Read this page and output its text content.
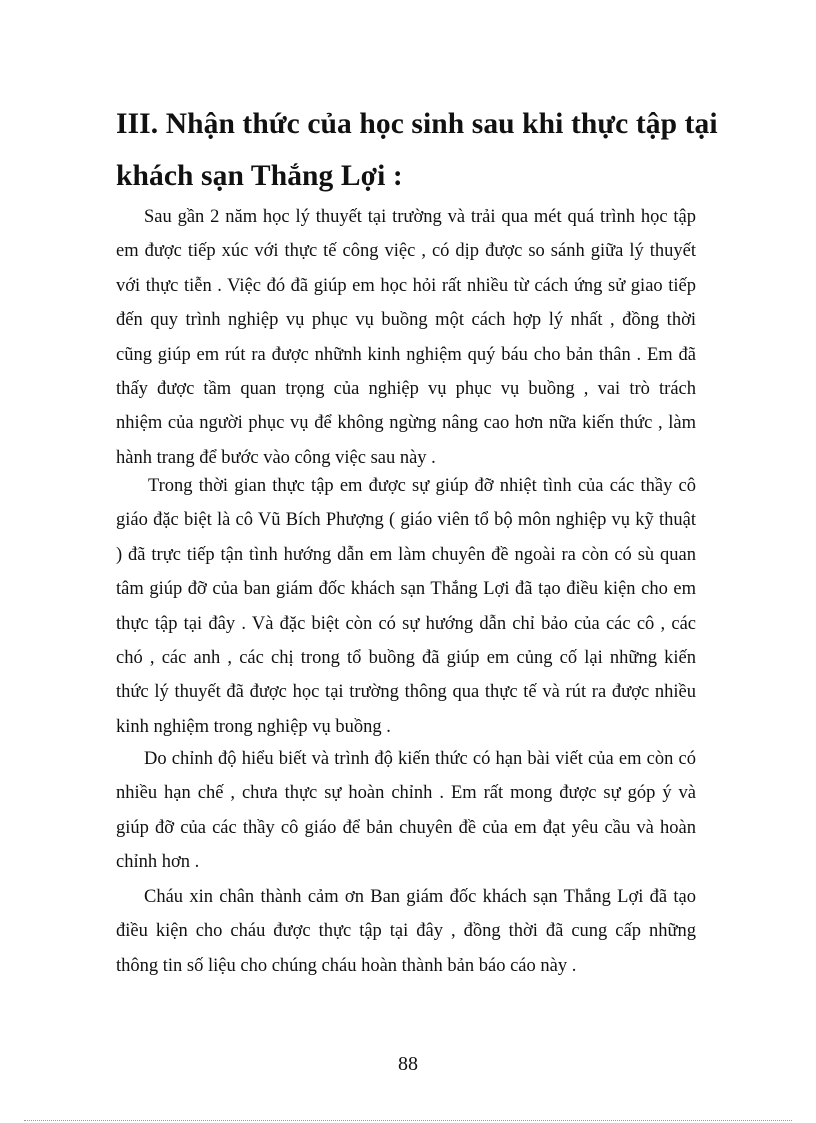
III. Nhận thức của học sinh sau khi thực tập tại
khách sạn Thắng Lợi :

Sau gần 2 năm học lý thuyết tại trường và trải qua mét quá trình học tập
em được tiếp xúc với thực tế công việc , có dịp được so sánh giữa lý thuyết
với thực tiễn . Việc đó đã giúp em học hỏi rất nhiều từ cách ứng sử giao tiếp
đến quy trình nghiệp vụ phục vụ buồng một cách hợp lý nhất , đồng thời
cũng giúp em rút ra được nhữnh kinh nghiệm quý báu cho bản thân . Em đã
thấy được tầm quan trọng của nghiệp vụ phục vụ buồng , vai trò trách
nhiệm của người phục vụ để không ngừng nâng cao hơn nữa kiến thức , làm
hành trang để bước vào công việc sau này .

Trong thời gian thực tập em được sự giúp đỡ nhiệt tình của các thầy cô
giáo đặc biệt là cô Vũ Bích Phượng ( giáo viên tổ bộ môn nghiệp vụ kỹ thuật
) đã trực tiếp tận tình hướng dẫn em làm chuyên đề ngoài ra còn có sù quan
tâm giúp đỡ của ban giám đốc khách sạn Thắng Lợi đã tạo điều kiện cho em
thực tập tại đây . Và đặc biệt còn có sự hướng dẫn chỉ bảo của các cô , các
chó , các anh , các chị trong tổ buồng đã giúp em củng cố lại những kiến
thức lý thuyết đã được học tại trường thông qua thực tế và rút ra được nhiều
kinh nghiệm trong nghiệp vụ buồng .

Do chỉnh độ hiểu biết và trình độ kiến thức có hạn bài viết của em còn có
nhiều hạn chế , chưa thực sự hoàn chỉnh . Em rất mong được sự góp ý và
giúp đỡ của các thầy cô giáo để bản chuyên đề của em đạt yêu cầu và hoàn
chỉnh hơn .

Cháu xin chân thành cảm ơn Ban giám đốc khách sạn Thắng Lợi đã tạo
điều kiện cho cháu được thực tập tại đây , đồng thời đã cung cấp những
thông tin số liệu cho chúng cháu hoàn thành bản báo cáo này .

88
